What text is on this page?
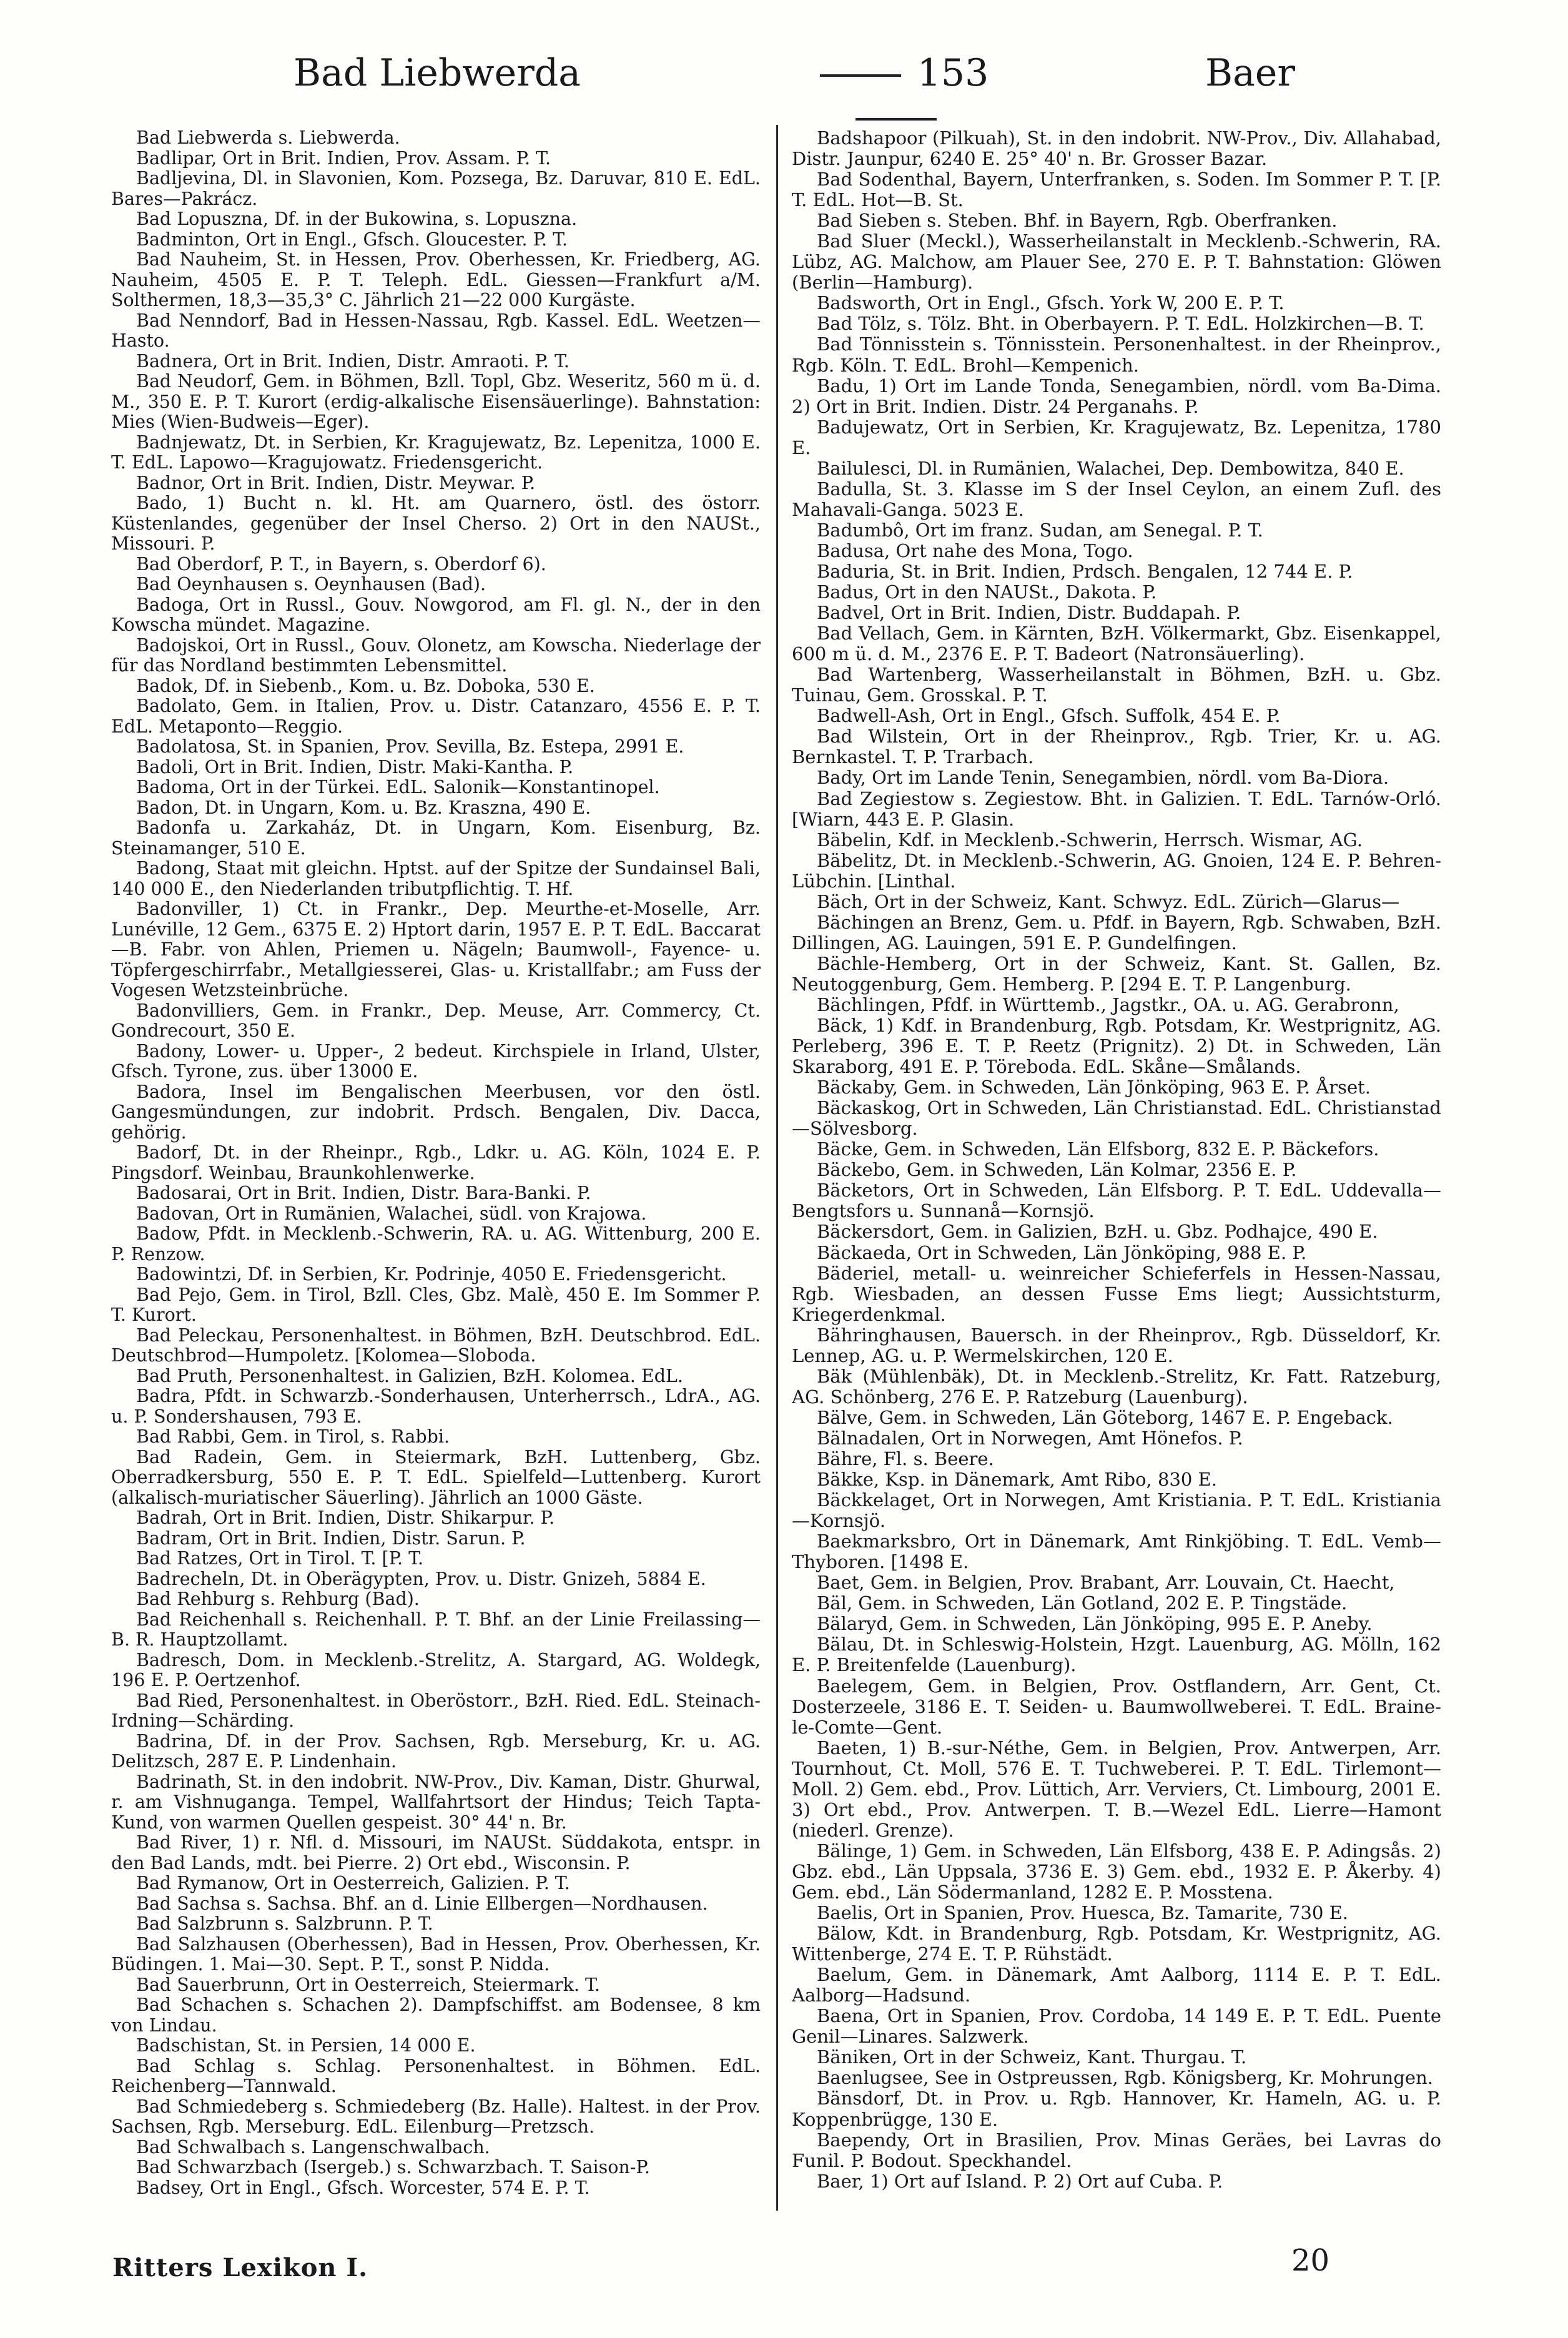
Bad Liebwerda	153	Baer

Bad Liebwerda s. Liebwerda.

Badlipar, Ort in Brit. Indien, Prov. Assam. P. T.

Badljevina, Dl. in Slavonien, Kom. Pozsega, Bz. Daruvar, 810 E. EdL. Bares—Pakrácz.

Bad Lopuszna, Df. in der Bukowina, s. Lopuszna.

Badminton, Ort in Engl., Gfsch. Gloucester. P. T.

Bad Nauheim, St. in Hessen, Prov. Oberhessen, Kr. Friedberg, AG. Nauheim, 4505 E. P. T. Teleph. EdL. Giessen—Frankfurt a/M. Solthermen, 18,3—35,3° C. Jährlich 21—22 000 Kurgäste.

Bad Nenndorf, Bad in Hessen-Nassau, Rgb. Kassel. EdL. Weetzen—Hasto.

Badnera, Ort in Brit. Indien, Distr. Amraoti. P. T.

Bad Neudorf, Gem. in Böhmen, Bzll. Topl, Gbz. Weseritz, 560 m ü. d. M., 350 E. P. T. Kurort (erdig-alkalische Eisensäuerlinge). Bahnstation: Mies (Wien-Budweis—Eger).

Badnjewatz, Dt. in Serbien, Kr. Kragujewatz, Bz. Lepenitza, 1000 E. T. EdL. Lapowo—Kragujowatz. Friedensgericht.

Badnor, Ort in Brit. Indien, Distr. Meywar. P.

Bado, 1) Bucht n. kl. Ht. am Quarnero, östl. des östorr. Küstenlandes, gegenüber der Insel Cherso. 2) Ort in den NAUSt., Missouri. P.

Bad Oberdorf, P. T., in Bayern, s. Oberdorf 6).

Bad Oeynhausen s. Oeynhausen (Bad).

Badoga, Ort in Russl., Gouv. Nowgorod, am Fl. gl. N., der in den Kowscha mündet. Magazine.

Badojskoi, Ort in Russl., Gouv. Olonetz, am Kowscha. Niederlage der für das Nordland bestimmten Lebensmittel.

Badok, Df. in Siebenb., Kom. u. Bz. Doboka, 530 E.

Badolato, Gem. in Italien, Prov. u. Distr. Catanzaro, 4556 E. P. T. EdL. Metaponto—Reggio.

Badolatosa, St. in Spanien, Prov. Sevilla, Bz. Estepa, 2991 E.

Badoli, Ort in Brit. Indien, Distr. Maki-Kantha. P.

Badoma, Ort in der Türkei. EdL. Salonik—Konstantinopel.

Badon, Dt. in Ungarn, Kom. u. Bz. Kraszna, 490 E.

Badonfa u. Zarkaház, Dt. in Ungarn, Kom. Eisenburg, Bz. Steinamanger, 510 E.

Badong, Staat mit gleichn. Hptst. auf der Spitze der Sundainsel Bali, 140 000 E., den Niederlanden tributpflichtig. T. Hf.

Badonviller, 1) Ct. in Frankr., Dep. Meurthe-et-Moselle, Arr. Lunéville, 12 Gem., 6375 E. 2) Hptort darin, 1957 E. P. T. EdL. Baccarat—B. Fabr. von Ahlen, Priemen u. Nägeln; Baumwoll-, Fayence- u. Töpfergeschirrfabr., Metallgiesserei, Glas- u. Kristallfabr.; am Fuss der Vogesen Wetzsteinbrüche.

Badonvilliers, Gem. in Frankr., Dep. Meuse, Arr. Commercy, Ct. Gondrecourt, 350 E.

Badony, Lower- u. Upper-, 2 bedeut. Kirchspiele in Irland, Ulster, Gfsch. Tyrone, zus. über 13000 E.

Badora, Insel im Bengalischen Meerbusen, vor den östl. Gangesmündungen, zur indobrit. Prdsch. Bengalen, Div. Dacca, gehörig.

Badorf, Dt. in der Rheinpr., Rgb., Ldkr. u. AG. Köln, 1024 E. P. Pingsdorf. Weinbau, Braunkohlenwerke.

Badosarai, Ort in Brit. Indien, Distr. Bara-Banki. P.

Badovan, Ort in Rumänien, Walachei, südl. von Krajowa.

Badow, Pfdt. in Mecklenb.-Schwerin, RA. u. AG. Wittenburg, 200 E. P. Renzow.

Badowintzi, Df. in Serbien, Kr. Podrinje, 4050 E. Friedensgericht.

Bad Pejo, Gem. in Tirol, Bzll. Cles, Gbz. Malè, 450 E. Im Sommer P. T. Kurort.

Bad Peleckau, Personenhaltest. in Böhmen, BzH. Deutschbrod. EdL. Deutschbrod—Humpoletz. [Kolomea—Sloboda.

Bad Pruth, Personenhaltest. in Galizien, BzH. Kolomea. EdL.

Badra, Pfdt. in Schwarzb.-Sonderhausen, Unterherrsch., LdrA., AG. u. P. Sondershausen, 793 E.

Bad Rabbi, Gem. in Tirol, s. Rabbi.

Bad Radein, Gem. in Steiermark, BzH. Luttenberg, Gbz. Oberradkersburg, 550 E. P. T. EdL. Spielfeld—Luttenberg. Kurort (alkalisch-muriatischer Säuerling). Jährlich an 1000 Gäste.

Badrah, Ort in Brit. Indien, Distr. Shikarpur. P.

Badram, Ort in Brit. Indien, Distr. Sarun. P.

Bad Ratzes, Ort in Tirol. T. [P. T.

Badrecheln, Dt. in Oberägypten, Prov. u. Distr. Gnizeh, 5884 E.

Bad Rehburg s. Rehburg (Bad).

Bad Reichenhall s. Reichenhall. P. T. Bhf. an der Linie Freilassing—B. R. Hauptzollamt.

Badresch, Dom. in Mecklenb.-Strelitz, A. Stargard, AG. Woldegk, 196 E. P. Oertzenhof.

Bad Ried, Personenhaltest. in Oberöstorr., BzH. Ried. EdL. Steinach-Irdning—Schärding.

Badrina, Df. in der Prov. Sachsen, Rgb. Merseburg, Kr. u. AG. Delitzsch, 287 E. P. Lindenhain.

Badrinath, St. in den indobrit. NW-Prov., Div. Kaman, Distr. Ghurwal, r. am Vishnuganga. Tempel, Wallfahrtsort der Hindus; Teich Tapta-Kund, von warmen Quellen gespeist. 30° 44' n. Br.

Bad River, 1) r. Nfl. d. Missouri, im NAUSt. Süddakota, entspr. in den Bad Lands, mdt. bei Pierre. 2) Ort ebd., Wisconsin. P.

Bad Rymanow, Ort in Oesterreich, Galizien. P. T.

Bad Sachsa s. Sachsa. Bhf. an d. Linie Ellbergen—Nordhausen.

Bad Salzbrunn s. Salzbrunn. P. T.

Bad Salzhausen (Oberhessen), Bad in Hessen, Prov. Oberhessen, Kr. Büdingen. 1. Mai—30. Sept. P. T., sonst P. Nidda.

Bad Sauerbrunn, Ort in Oesterreich, Steiermark. T.

Bad Schachen s. Schachen 2). Dampfschiffst. am Bodensee, 8 km von Lindau.

Badschistan, St. in Persien, 14 000 E.

Bad Schlag s. Schlag. Personenhaltest. in Böhmen. EdL. Reichenberg—Tannwald.

Bad Schmiedeberg s. Schmiedeberg (Bz. Halle). Haltest. in der Prov. Sachsen, Rgb. Merseburg. EdL. Eilenburg—Pretzsch.

Bad Schwalbach s. Langenschwalbach.

Bad Schwarzbach (Isergeb.) s. Schwarzbach. T. Saison-P.

Badsey, Ort in Engl., Gfsch. Worcester, 574 E. P. T.

Badshapoor (Pilkuah), St. in den indobrit. NW-Prov., Div. Allahabad, Distr. Jaunpur, 6240 E. 25° 40' n. Br. Grosser Bazar.

Bad Sodenthal, Bayern, Unterfranken, s. Soden. Im Sommer P. T. [P. T. EdL. Hot—B. St.

Bad Sieben s. Steben. Bhf. in Bayern, Rgb. Oberfranken.

Bad Sluer (Meckl.), Wasserheilanstalt in Mecklenb.-Schwerin, RA. Lübz, AG. Malchow, am Plauer See, 270 E. P. T. Bahnstation: Glöwen (Berlin—Hamburg).

Badsworth, Ort in Engl., Gfsch. York W, 200 E. P. T.

Bad Tölz, s. Tölz. Bht. in Oberbayern. P. T. EdL. Holzkirchen—B. T.

Bad Tönnisstein s. Tönnisstein. Personenhaltest. in der Rheinprov., Rgb. Köln. T. EdL. Brohl—Kempenich.

Badu, 1) Ort im Lande Tonda, Senegambien, nördl. vom Ba-Dima. 2) Ort in Brit. Indien. Distr. 24 Perganahs. P.

Badujewatz, Ort in Serbien, Kr. Kragujewatz, Bz. Lepenitza, 1780 E.

Bailulesci, Dl. in Rumänien, Walachei, Dep. Dembowitza, 840 E.

Badulla, St. 3. Klasse im S der Insel Ceylon, an einem Zufl. des Mahavali-Ganga. 5023 E.

Badumbô, Ort im franz. Sudan, am Senegal. P. T.

Badusa, Ort nahe des Mona, Togo.

Baduria, St. in Brit. Indien, Prdsch. Bengalen, 12 744 E. P.

Badus, Ort in den NAUSt., Dakota. P.

Badvel, Ort in Brit. Indien, Distr. Buddapah. P.

Bad Vellach, Gem. in Kärnten, BzH. Völkermarkt, Gbz. Eisenkappel, 600 m ü. d. M., 2376 E. P. T. Badeort (Natronsäuerling).

Bad Wartenberg, Wasserheilanstalt in Böhmen, BzH. u. Gbz. Tuinau, Gem. Grosskal. P. T.

Badwell-Ash, Ort in Engl., Gfsch. Suffolk, 454 E. P.

Bad Wilstein, Ort in der Rheinprov., Rgb. Trier, Kr. u. AG. Bernkastel. T. P. Trarbach.

Bady, Ort im Lande Tenin, Senegambien, nördl. vom Ba-Diora.

Bad Zegiestow s. Zegiestow. Bht. in Galizien. T. EdL. Tarnów-Orló. [Wiarn, 443 E. P. Glasin.

Bäbelin, Kdf. in Mecklenb.-Schwerin, Herrsch. Wismar, AG.

Bäbelitz, Dt. in Mecklenb.-Schwerin, AG. Gnoien, 124 E. P. Behren-Lübchin. [Linthal.

Bäch, Ort in der Schweiz, Kant. Schwyz. EdL. Zürich—Glarus—

Bächingen an Brenz, Gem. u. Pfdf. in Bayern, Rgb. Schwaben, BzH. Dillingen, AG. Lauingen, 591 E. P. Gundelfingen.

Bächle-Hemberg, Ort in der Schweiz, Kant. St. Gallen, Bz. Neutoggenburg, Gem. Hemberg. P. [294 E. T. P. Langenburg.

Bächlingen, Pfdf. in Württemb., Jagstkr., OA. u. AG. Gerabronn,

Bäck, 1) Kdf. in Brandenburg, Rgb. Potsdam, Kr. Westprignitz, AG. Perleberg, 396 E. T. P. Reetz (Prignitz). 2) Dt. in Schweden, Län Skaraborg, 491 E. P. Töreboda. EdL. Skåne—Smålands.

Bäckaby, Gem. in Schweden, Län Jönköping, 963 E. P. Årset.

Bäckaskog, Ort in Schweden, Län Christianstad. EdL. Christianstad—Sölvesborg.

Bäcke, Gem. in Schweden, Län Elfsborg, 832 E. P. Bäckefors.

Bäckebo, Gem. in Schweden, Län Kolmar, 2356 E. P.

Bäcketors, Ort in Schweden, Län Elfsborg. P. T. EdL. Uddevalla—Bengtsfors u. Sunnanå—Kornsjö.

Bäckersdort, Gem. in Galizien, BzH. u. Gbz. Podhajce, 490 E.

Bäckaeda, Ort in Schweden, Län Jönköping, 988 E. P.

Bäderiel, metall- u. weinreicher Schieferfels in Hessen-Nassau, Rgb. Wiesbaden, an dessen Fusse Ems liegt; Aussichtsturm, Kriegerdenkmal.

Bähringhausen, Bauersch. in der Rheinprov., Rgb. Düsseldorf, Kr. Lennep, AG. u. P. Wermelskirchen, 120 E.

Bäk (Mühlenbäk), Dt. in Mecklenb.-Strelitz, Kr. Fatt. Ratzeburg, AG. Schönberg, 276 E. P. Ratzeburg (Lauenburg).

Bälve, Gem. in Schweden, Län Göteborg, 1467 E. P. Engeback.

Bälnadalen, Ort in Norwegen, Amt Hönefos. P.

Bähre, Fl. s. Beere.

Bäkke, Ksp. in Dänemark, Amt Ribo, 830 E.

Bäckkelaget, Ort in Norwegen, Amt Kristiania. P. T. EdL. Kristiania—Kornsjö.

Baekmarksbro, Ort in Dänemark, Amt Rinkjöbing. T. EdL. Vemb—Thyboren. [1498 E.

Baet, Gem. in Belgien, Prov. Brabant, Arr. Louvain, Ct. Haecht,

Bäl, Gem. in Schweden, Län Gotland, 202 E. P. Tingstäde.

Bälaryd, Gem. in Schweden, Län Jönköping, 995 E. P. Aneby.

Bälau, Dt. in Schleswig-Holstein, Hzgt. Lauenburg, AG. Mölln, 162 E. P. Breitenfelde (Lauenburg).

Baelegem, Gem. in Belgien, Prov. Ostflandern, Arr. Gent, Ct. Dosterzeele, 3186 E. T. Seiden- u. Baumwollweberei. T. EdL. Braine-le-Comte—Gent.

Baeten, 1) B.-sur-Néthe, Gem. in Belgien, Prov. Antwerpen, Arr. Tournhout, Ct. Moll, 576 E. T. Tuchweberei. P. T. EdL. Tirlemont—Moll. 2) Gem. ebd., Prov. Lüttich, Arr. Verviers, Ct. Limbourg, 2001 E. 3) Ort ebd., Prov. Antwerpen. T. B.—Wezel EdL. Lierre—Hamont (niederl. Grenze).

Bälinge, 1) Gem. in Schweden, Län Elfsborg, 438 E. P. Adingsås. 2) Gbz. ebd., Län Uppsala, 3736 E. 3) Gem. ebd., 1932 E. P. Åkerby. 4) Gem. ebd., Län Södermanland, 1282 E. P. Mosstena.

Baelis, Ort in Spanien, Prov. Huesca, Bz. Tamarite, 730 E.

Bälow, Kdt. in Brandenburg, Rgb. Potsdam, Kr. Westprignitz, AG. Wittenberge, 274 E. T. P. Rühstädt.

Baelum, Gem. in Dänemark, Amt Aalborg, 1114 E. P. T. EdL. Aalborg—Hadsund.

Baena, Ort in Spanien, Prov. Cordoba, 14 149 E. P. T. EdL. Puente Genil—Linares. Salzwerk.

Bäniken, Ort in der Schweiz, Kant. Thurgau. T.

Baenlugsee, See in Ostpreussen, Rgb. Königsberg, Kr. Mohrungen.

Bänsdorf, Dt. in Prov. u. Rgb. Hannover, Kr. Hameln, AG. u. P. Koppenbrügge, 130 E.

Baependy, Ort in Brasilien, Prov. Minas Geräes, bei Lavras do Funil. P. Bodout. Speckhandel.

Baer, 1) Ort auf Island. P. 2) Ort auf Cuba. P.

Ritters Lexikon I.	20
